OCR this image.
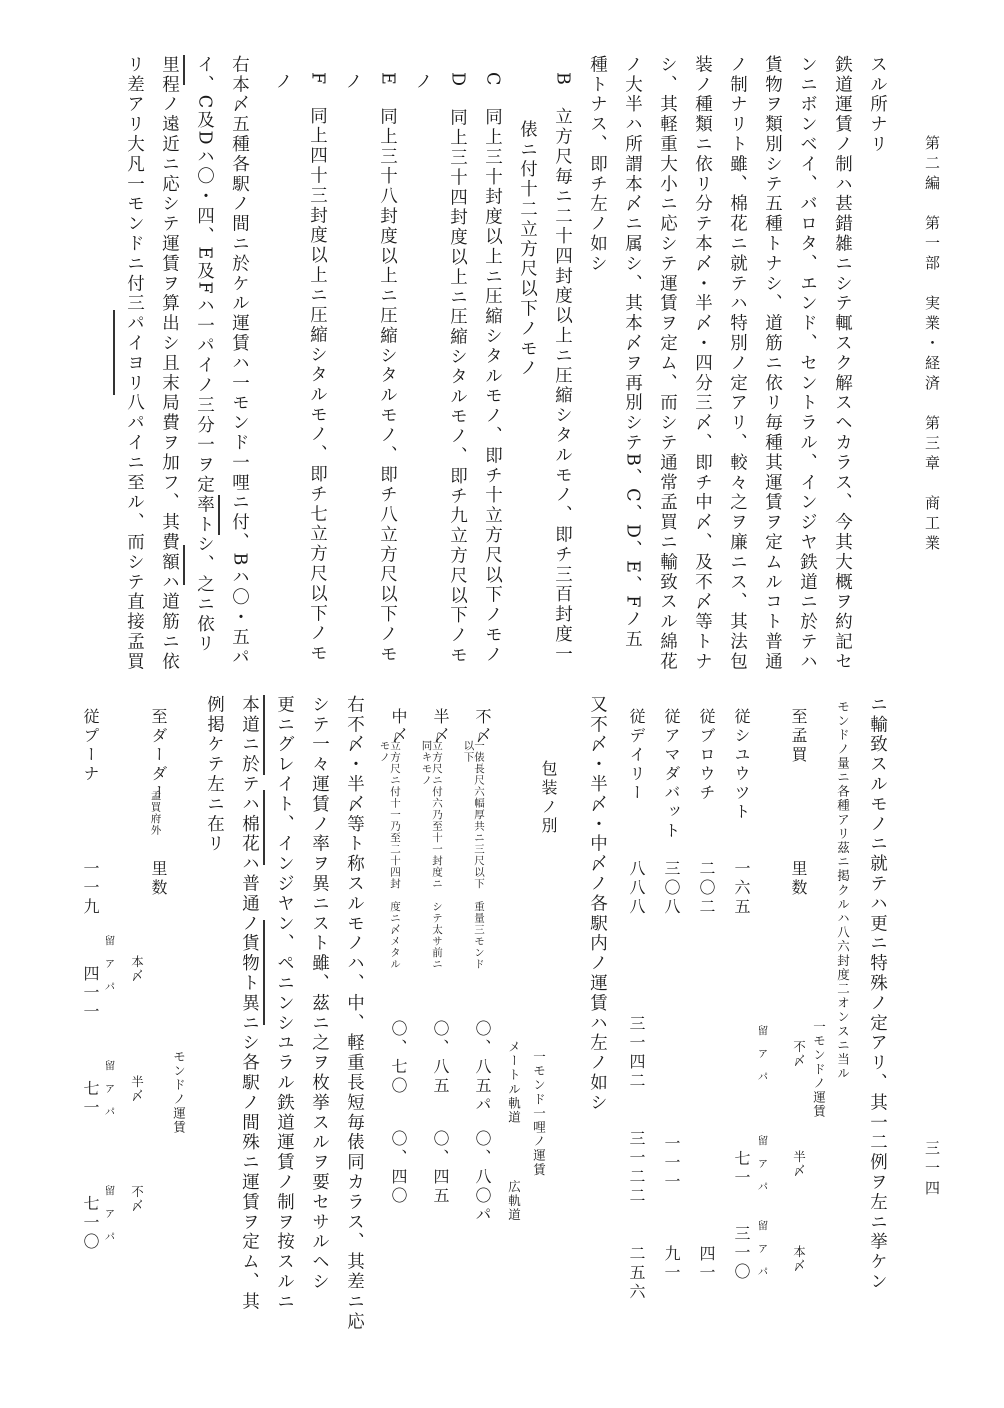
第二編　第一部　実業・経済　第三章　商工業
三一四
スル所ナリ
鉄道運賃ノ制ハ甚錯雑ニシテ輒スク解スヘカラス、今其大概ヲ約記セ
ンニボンベイ、バロタ、エンド、セントラル、インジヤ鉄道ニ於テハ
貨物ヲ類別シテ五種トナシ、道筋ニ依リ毎種其運賃ヲ定ムルコト普通
ノ制ナリト雖、棉花ニ就テハ特別ノ定アリ、較々之ヲ廉ニス、其法包
装ノ種類ニ依リ分テ本〆・半〆・四分三〆、即チ中〆、及不〆等トナ
シ、其軽重大小ニ応シテ運賃ヲ定ム、而シテ通常孟買ニ輸致スル綿花
ノ大半ハ所謂本〆ニ属シ、其本〆ヲ再別シテB、C、D、E、Fノ五
種トナス、即チ左ノ如シ
B　立方尺毎ニ二十四封度以上ニ圧縮シタルモノ、即チ三百封度一
俵ニ付十二立方尺以下ノモノ
C　同上三十封度以上ニ圧縮シタルモノ、即チ十立方尺以下ノモノ
D　同上三十四封度以上ニ圧縮シタルモノ、即チ九立方尺以下ノモ
ノ
E　同上三十八封度以上ニ圧縮シタルモノ、即チ八立方尺以下ノモ
ノ
F　同上四十三封度以上ニ圧縮シタルモノ、即チ七立方尺以下ノモ
ノ
右本〆五種各駅ノ間ニ於ケル運賃ハ一モンド一哩ニ付、Bハ〇・五パ
イ、C及Dハ〇・四、E及Fハ一パイノ三分一ヲ定率トシ、之ニ依リ
里程ノ遠近ニ応シテ運賃ヲ算出シ且末局費ヲ加フ、其費額ハ道筋ニ依
リ差アリ大凡一モンドニ付三パイヨリ八パイニ至ル、而シテ直接孟買
ニ輸致スルモノニ就テハ更ニ特殊ノ定アリ、其一二例ヲ左ニ挙ケン
モンドノ量ニ各種アリ茲ニ掲クルハ八六封度二オンスニ当ル
一モンドノ運賃
至孟買
里数
不〆
半〆
本〆
留　ア　パ
留　ア　パ
留　ア　パ
従シユウツト
一六五
七一
三一〇
従ブロウチ
二〇二
四一
従アマダバット
三〇八
一一一
九一
従デイリー
八八八
三一四二
三一二二
二五六
又不〆・半〆・中〆ノ各駅内ノ運賃ハ左ノ如シ
包装ノ別
一モンド一哩ノ運賃
メートル軌道
広軌道
不〆
一俵長尺六幅厚共ニ三尺以下　重量三モンド以下
〇、八五パ
〇、八〇パ
半〆
立方尺ニ付六乃至十一封度ニ　シテ太サ前ニ同キモノ
〇、八五
〇、四五
中〆
立方尺ニ付十一乃至二十四封　度ニ〆メタルモノ
〇、七〇
〇、四〇
右不〆・半〆等ト称スルモノハ、中、軽重長短毎俵同カラス、其差ニ応
シテ一々運賃ノ率ヲ異ニスト雖、茲ニ之ヲ枚挙スルヲ要セサルヘシ
更ニグレイト、インジヤン、ペニンシユラル鉄道運賃ノ制ヲ按スルニ
本道ニ於テハ棉花ハ普通ノ貨物ト異ニシ各駅ノ間殊ニ運賃ヲ定ム、其
例掲ケテ左ニ在リ
モンドノ運賃
至ダーダー
孟買府外
里数
本〆
半〆
不〆
留　ア　パ
留　ア　パ
留　ア　パ
従プーナ
一一九
四一一
七一
七一〇
